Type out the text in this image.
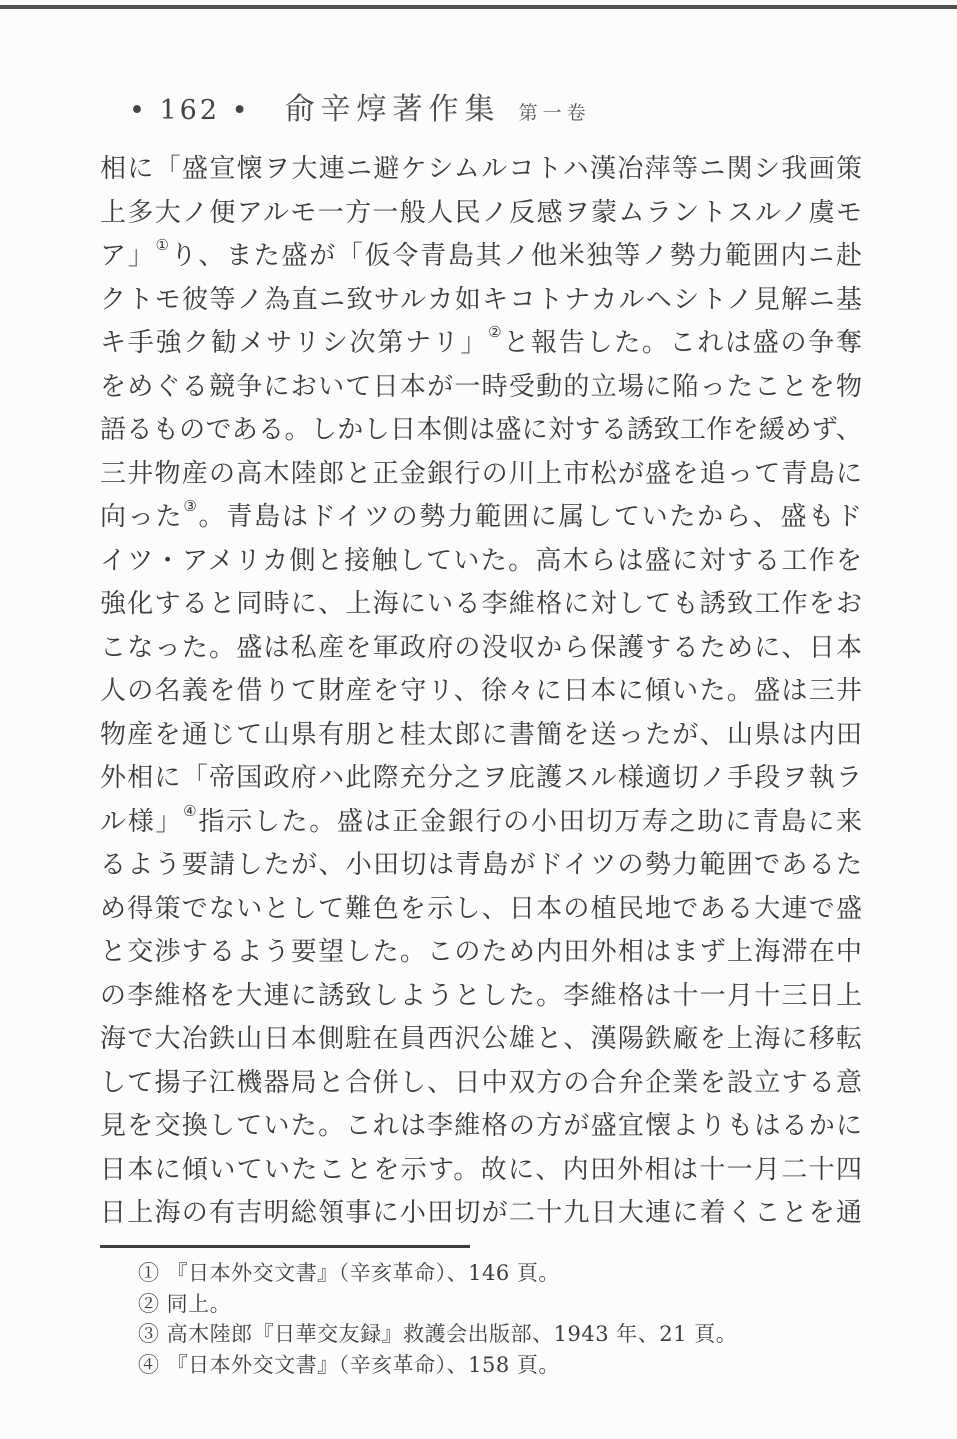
• 162 • 俞辛焞著作集 第一卷
相に「盛宣懐ヲ大連ニ避ケシムルコトハ漢冶萍等ニ関シ我画策
上多大ノ便アルモ一方一般人民ノ反感ヲ蒙ムラントスルノ虞モ
ア」①り、また盛が「仮令青島其ノ他米独等ノ勢力範囲内ニ赴
クトモ彼等ノ為直ニ致サルカ如キコトナカルヘシトノ見解ニ基
キ手強ク勧メサリシ次第ナリ」②と報告した。これは盛の争奪
をめぐる競争において日本が一時受動的立場に陥ったことを物
語るものである。しかし日本側は盛に対する誘致工作を緩めず、
三井物産の高木陸郎と正金銀行の川上市松が盛を追って青島に
向った③。青島はドイツの勢力範囲に属していたから、盛もド
イツ・アメリカ側と接触していた。高木らは盛に対する工作を
強化すると同時に、上海にいる李維格に対しても誘致工作をお
こなった。盛は私産を軍政府の没収から保護するために、日本
人の名義を借りて財産を守リ、徐々に日本に傾いた。盛は三井
物産を通じて山県有朋と桂太郎に書簡を送ったが、山県は内田
外相に「帝国政府ハ此際充分之ヲ庇護スル様適切ノ手段ヲ執ラ
ル様」④指示した。盛は正金銀行の小田切万寿之助に青島に来
るよう要請したが、小田切は青島がドイツの勢力範囲であるた
め得策でないとして難色を示し、日本の植民地である大連で盛
と交渉するよう要望した。このため内田外相はまず上海滞在中
の李維格を大連に誘致しようとした。李維格は十一月十三日上
海で大冶鉄山日本側駐在員西沢公雄と、漢陽鉄廠を上海に移転
して揚子江機器局と合併し、日中双方の合弁企業を設立する意
見を交換していた。これは李維格の方が盛宜懐よりもはるかに
日本に傾いていたことを示す。故に、内田外相は十一月二十四
日上海の有吉明総領事に小田切が二十九日大連に着くことを通
① 『日本外交文書』（辛亥革命）、146 頁。
② 同上。
③ 高木陸郎『日華交友録』救護会出版部、1943 年、21 頁。
④ 『日本外交文書』（辛亥革命）、158 頁。
